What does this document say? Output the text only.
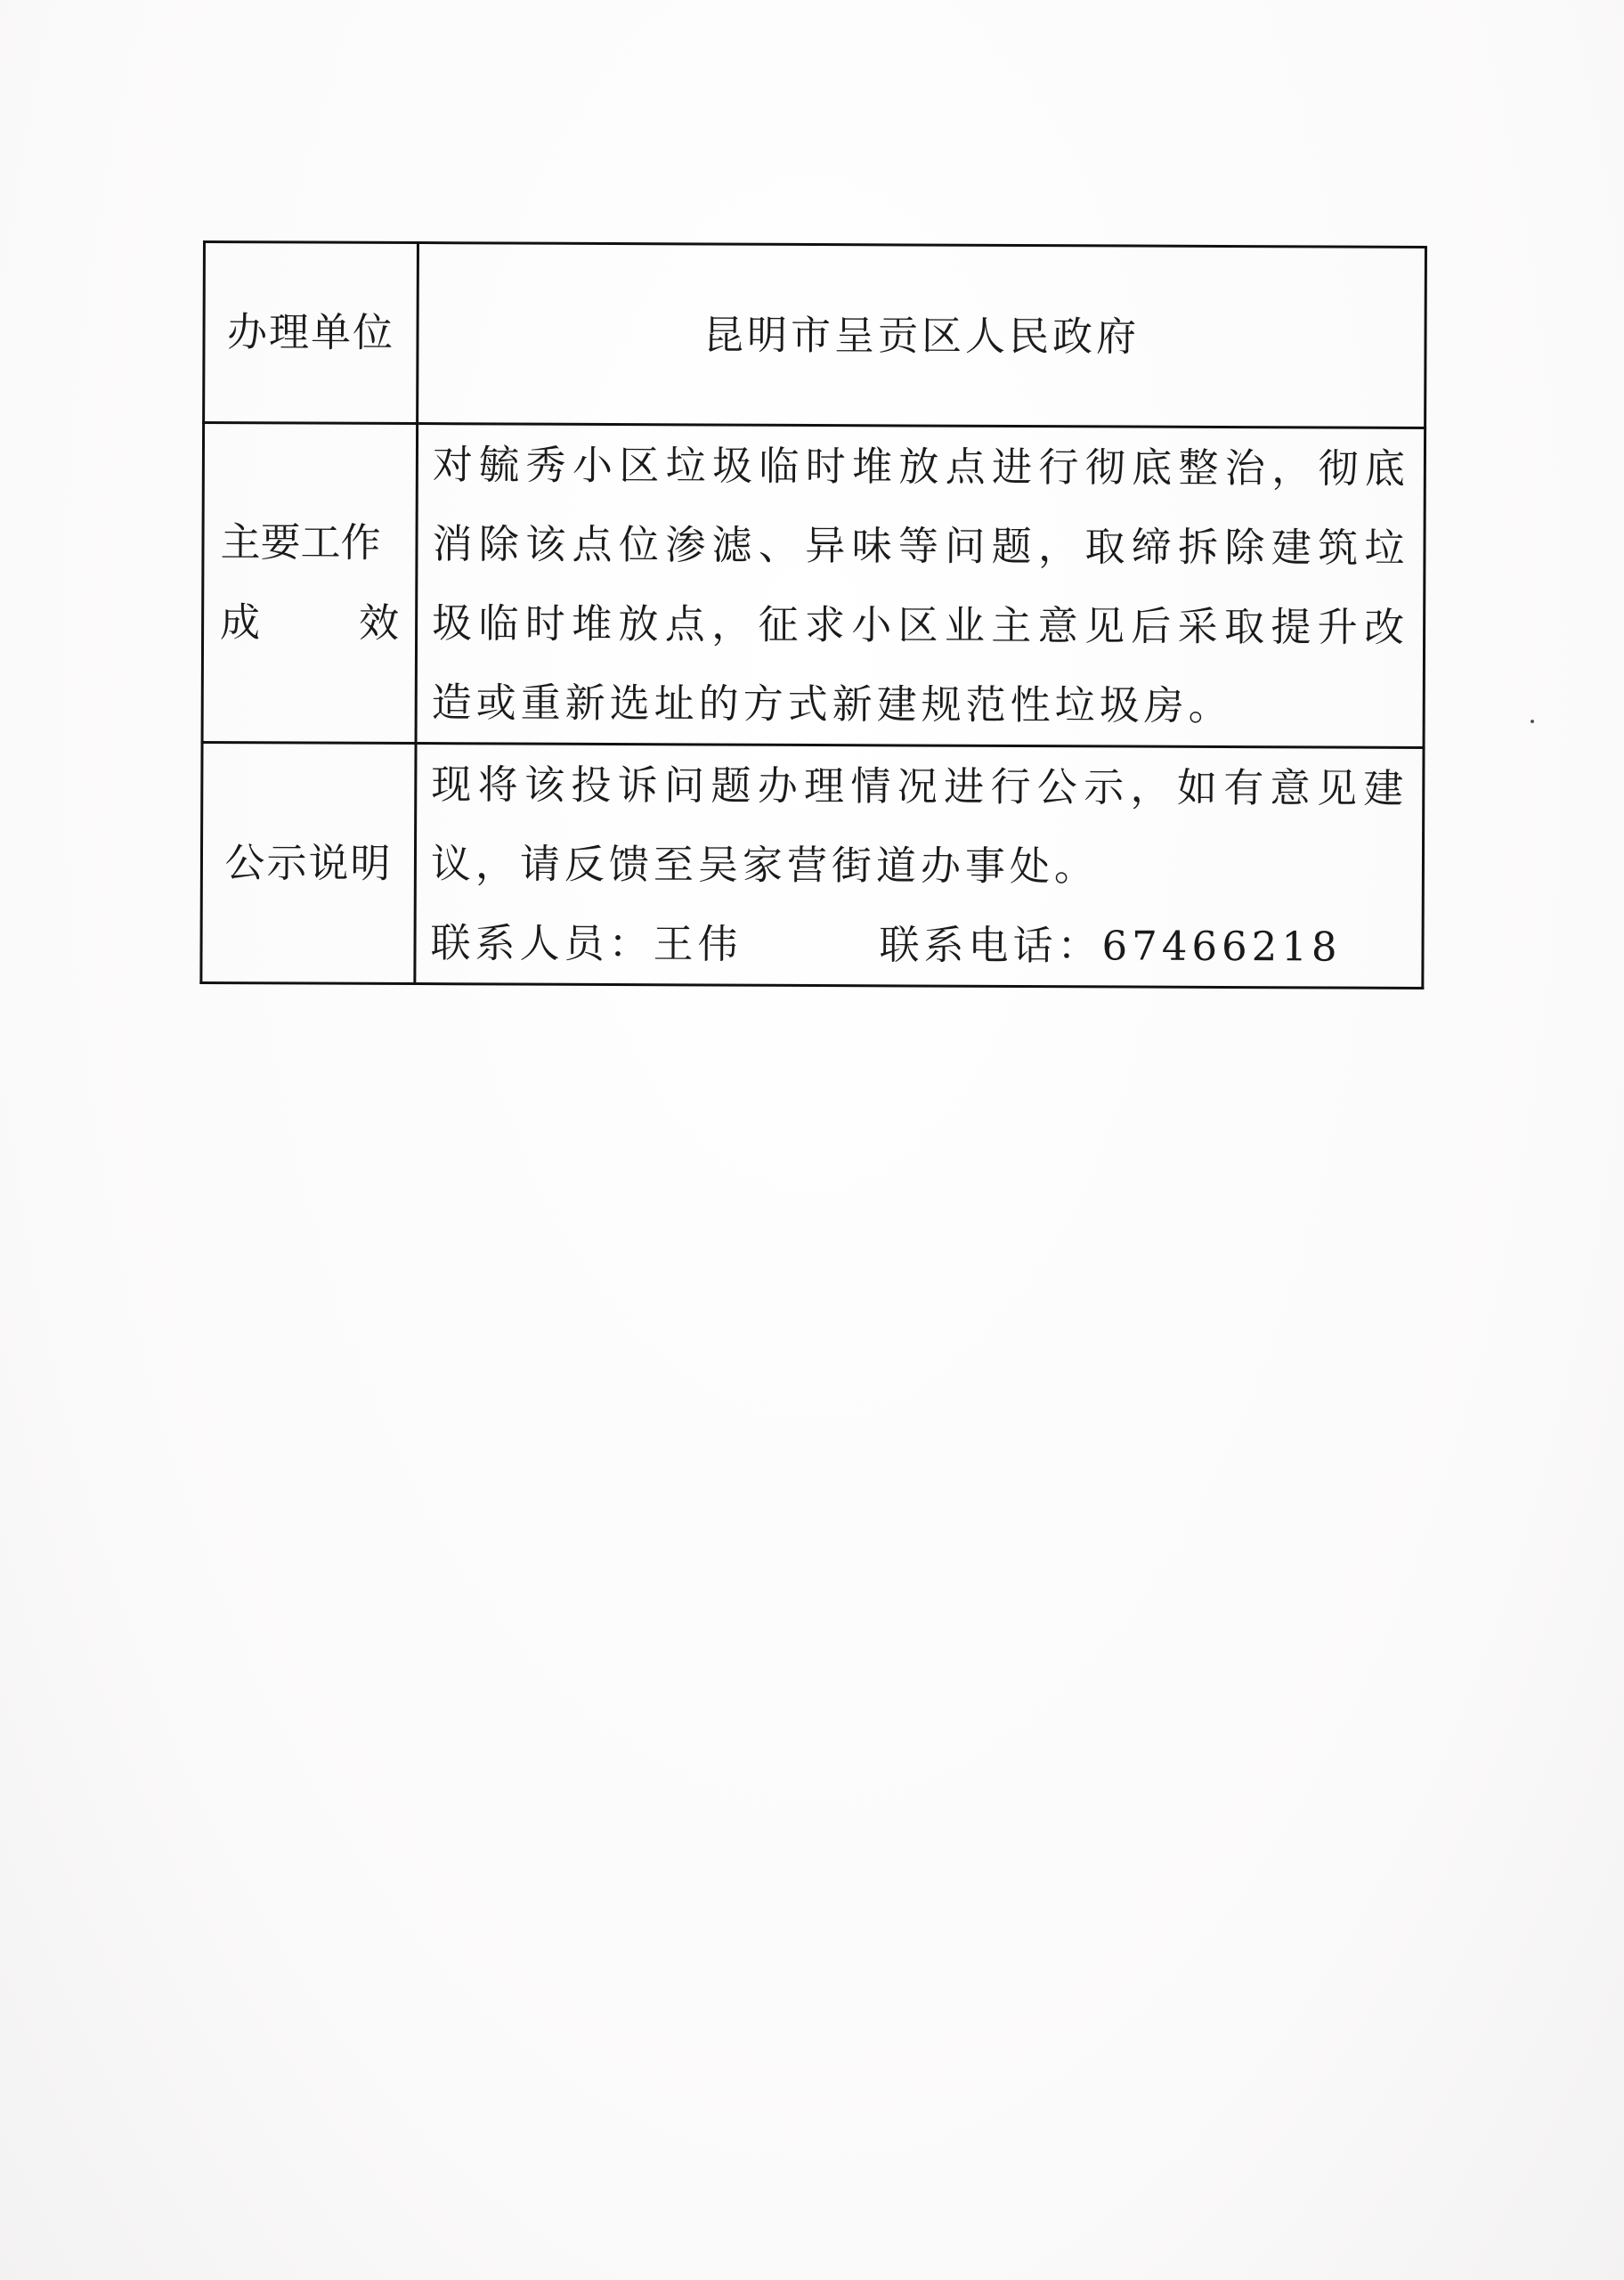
办理单位	昆明市呈贡区人民政府

主要工作
成 效	对毓秀小区垃圾临时堆放点进行彻底整治，彻底消除该点位渗滤、异味等问题，取缔拆除建筑垃圾临时堆放点，征求小区业主意见后采取提升改造或重新选址的方式新建规范性垃圾房。

公示说明	现将该投诉问题办理情况进行公示，如有意见建议，请反馈至吴家营街道办事处。
联系人员：王伟 联系电话：67466218
